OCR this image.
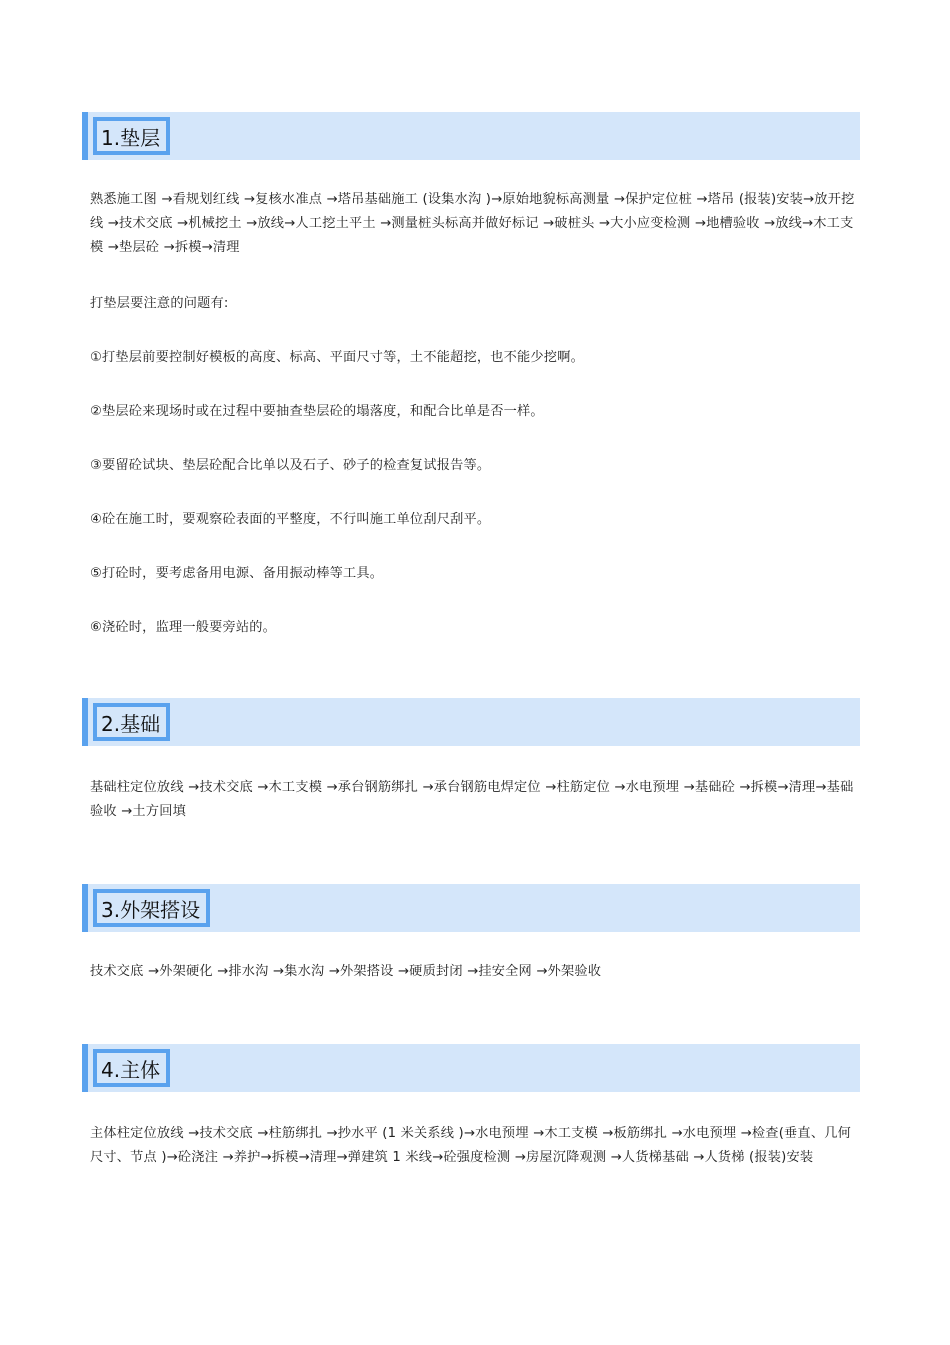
1.垫层

熟悉施工图 →看规划红线 →复核水准点 →塔吊基础施工 (设集水沟 )→原始地貌标高测量 →保护定位桩 →塔吊 (报装)安装→放开挖线 →技术交底 →机械挖土 →放线→人工挖土平土 →测量桩头标高并做好标记 →破桩头 →大小应变检测 →地槽验收 →放线→木工支模 →垫层砼 →拆模→清理

打垫层要注意的问题有:

①打垫层前要控制好模板的高度、标高、平面尺寸等，土不能超挖，也不能少挖啊。

②垫层砼来现场时或在过程中要抽查垫层砼的塌落度，和配合比单是否一样。

③要留砼试块、垫层砼配合比单以及石子、砂子的检查复试报告等。

④砼在施工时，要观察砼表面的平整度，不行叫施工单位刮尺刮平。

⑤打砼时，要考虑备用电源、备用振动棒等工具。

⑥浇砼时，监理一般要旁站的。

2.基础

基础柱定位放线 →技术交底 →木工支模 →承台钢筋绑扎 →承台钢筋电焊定位 →柱筋定位 →水电预埋 →基础砼 →拆模→清理→基础验收 →土方回填

3.外架搭设

技术交底 →外架硬化 →排水沟 →集水沟 →外架搭设 →硬质封闭 →挂安全网 →外架验收

4.主体

主体柱定位放线 →技术交底 →柱筋绑扎 →抄水平 (1 米关系线 )→水电预埋 →木工支模 →板筋绑扎 →水电预埋 →检查(垂直、几何尺寸、节点 )→砼浇注 →养护→拆模→清理→弹建筑 1 米线→砼强度检测 →房屋沉降观测 →人货梯基础 →人货梯 (报装)安装
